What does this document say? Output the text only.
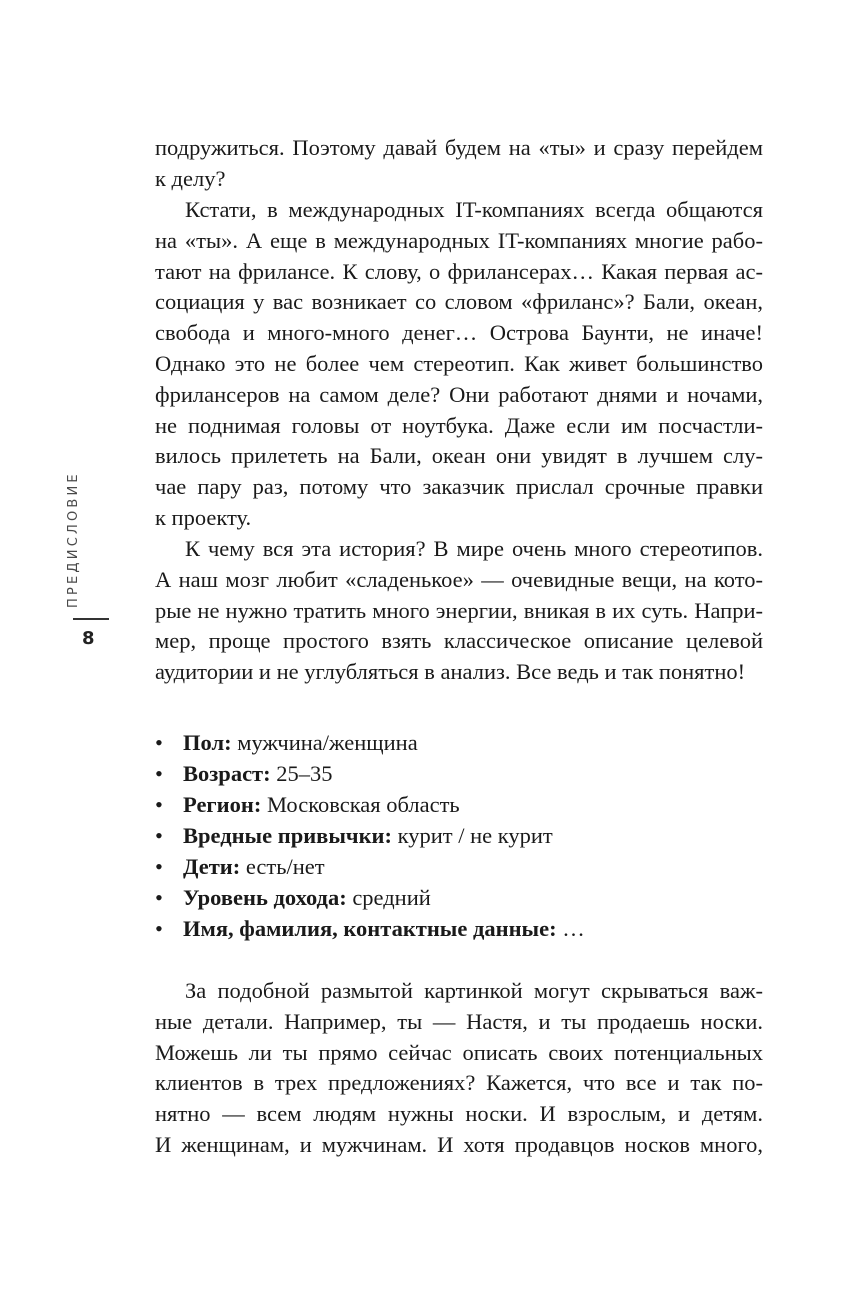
ПРЕДИСЛОВИЕ
8
подружиться. Поэтому давай будем на «ты» и сразу перейдем
к делу?
Кстати, в международных IT-компаниях всегда общаются
на «ты». А еще в международных IT-компаниях многие рабо-
тают на фрилансе. К слову, о фрилансерах… Какая первая ас-
социация у вас возникает со словом «фриланс»? Бали, океан,
свобода и много-много денег… Острова Баунти, не иначе!
Однако это не более чем стереотип. Как живет большинство
фрилансеров на самом деле? Они работают днями и ночами,
не поднимая головы от ноутбука. Даже если им посчастли-
вилось прилететь на Бали, океан они увидят в лучшем слу-
чае пару раз, потому что заказчик прислал срочные правки
к проекту.
К чему вся эта история? В мире очень много стереотипов.
А наш мозг любит «сладенькое» — очевидные вещи, на кото-
рые не нужно тратить много энергии, вникая в их суть. Напри-
мер, проще простого взять классическое описание целевой
аудитории и не углубляться в анализ. Все ведь и так понятно!
• Пол: мужчина/женщина
• Возраст: 25–35
• Регион: Московская область
• Вредные привычки: курит / не курит
• Дети: есть/нет
• Уровень дохода: средний
• Имя, фамилия, контактные данные: …
За подобной размытой картинкой могут скрываться важ-
ные детали. Например, ты — Настя, и ты продаешь носки.
Можешь ли ты прямо сейчас описать своих потенциальных
клиентов в трех предложениях? Кажется, что все и так по-
нятно — всем людям нужны носки. И взрослым, и детям.
И женщинам, и мужчинам. И хотя продавцов носков много,
